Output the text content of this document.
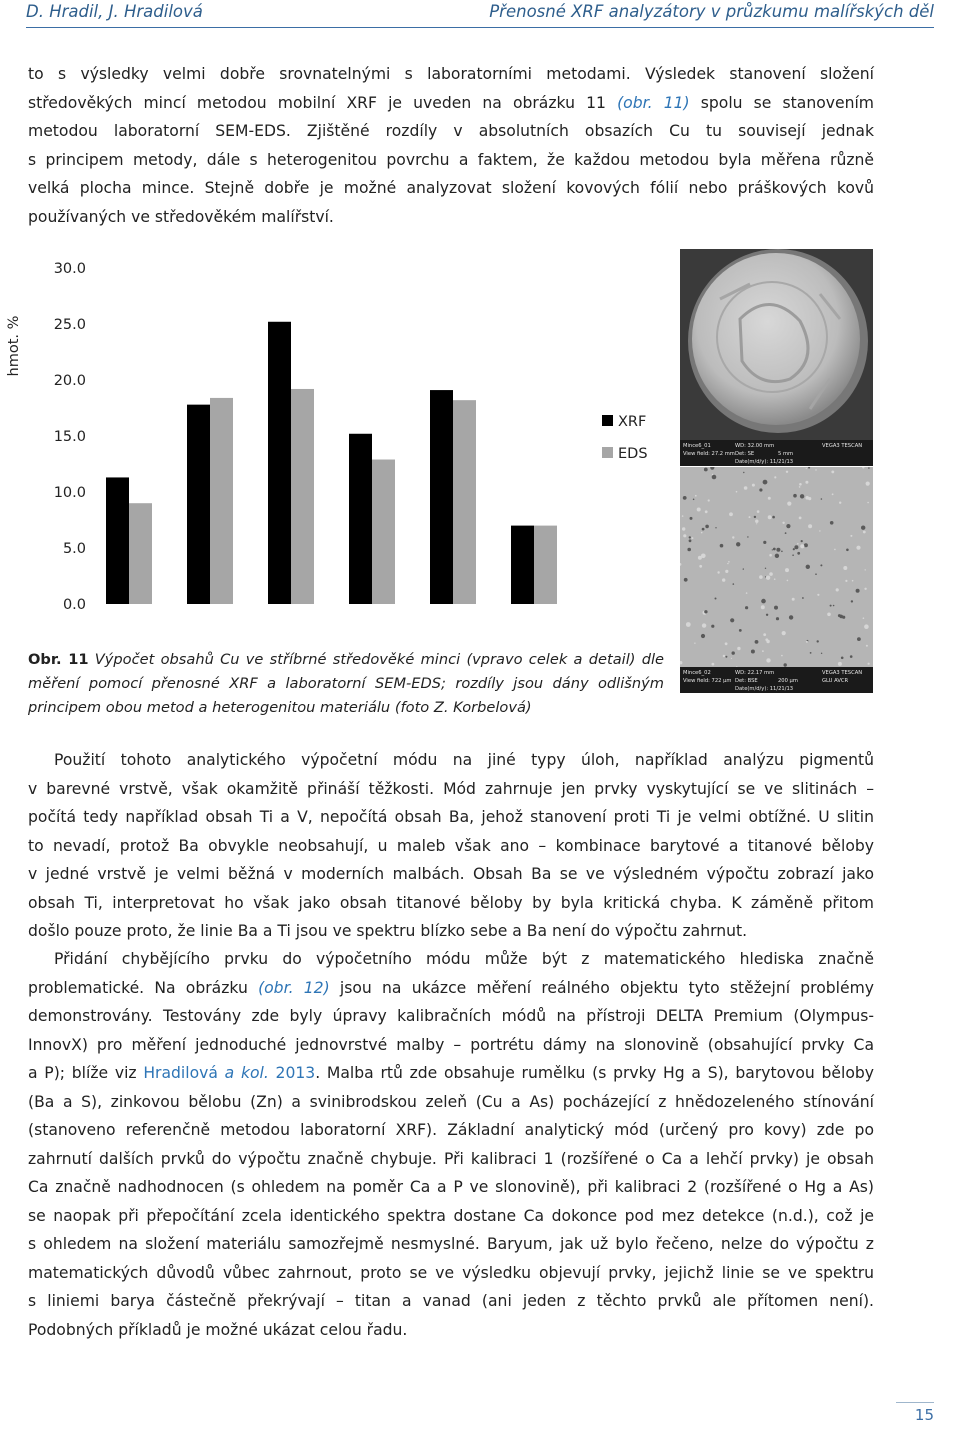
D. Hradil, J. Hradilová	Přenosné XRF analyzátory v průzkumu malířských děl
to s výsledky velmi dobře srovnatelnými s laboratorními metodami. Výsledek stanovení složení
středověkých mincí metodou mobilní XRF je uveden na obrázku 11 (obr. 11) spolu se stanovením
metodou laboratorní SEM-EDS. Zjištěné rozdíly v absolutních obsazích Cu tu souvisejí jednak
s principem metody, dále s heterogenitou povrchu a faktem, že každou metodou byla měřena různě
velká plocha mince. Stejně dobře je možné analyzovat složení kovových fólií nebo práškových kovů
používaných ve středověkém malířství.
hmot. %
0.0
5.0
10.0
15.0
20.0
25.0
30.0
XRF
EDS	Mince6_01
View field: 27.2 mm
WD: 32.00 mm
Det: SE	5 mm
VEGA3 TESCAN
Date(m/d/y): 11/21/13
Mince6_02
View field: 722 µm
WD: 22.17 mm
Det: BSE	200 µm
VEGA3 TESCAN
GLU AVCR
Date(m/d/y): 11/21/13
Obr. 11 Výpočet obsahů Cu ve stříbrné středověké minci (vpravo celek a detail) dle
měření pomocí přenosné XRF a laboratorní SEM-EDS; rozdíly jsou dány odlišným
principem obou metod a heterogenitou materiálu (foto Z. Korbelová)
Použití tohoto analytického výpočetní módu na jiné typy úloh, například analýzu pigmentů
v barevné vrstvě, však okamžitě přináší těžkosti. Mód zahrnuje jen prvky vyskytující se ve slitinách –
počítá tedy například obsah Ti a V, nepočítá obsah Ba, jehož stanovení proti Ti je velmi obtížné. U slitin
to nevadí, protož Ba obvykle neobsahují, u maleb však ano – kombinace barytové a titanové běloby
v jedné vrstvě je velmi běžná v moderních malbách. Obsah Ba se ve výsledném výpočtu zobrazí jako
obsah Ti, interpretovat ho však jako obsah titanové běloby by byla kritická chyba. K záměně přitom
došlo pouze proto, že linie Ba a Ti jsou ve spektru blízko sebe a Ba není do výpočtu zahrnut.
Přidání chybějícího prvku do výpočetního módu může být z matematického hlediska značně
problematické. Na obrázku (obr. 12) jsou na ukázce měření reálného objektu tyto stěžejní problémy
demonstrovány. Testovány zde byly úpravy kalibračních módů na přístroji DELTA Premium (Olympus-
InnovX) pro měření jednoduché jednovrstvé malby – portrétu dámy na slonovině (obsahující prvky Ca
a P); blíže viz Hradilová a kol. 2013. Malba rtů zde obsahuje rumělku (s prvky Hg a S), barytovou běloby
(Ba a S), zinkovou bělobu (Zn) a svinibrodskou zeleň (Cu a As) pocházející z hnědozeleného stínování
(stanoveno referenčně metodou laboratorní XRF). Základní analytický mód (určený pro kovy) zde po
zahrnutí dalších prvků do výpočtu značně chybuje. Při kalibraci 1 (rozšířené o Ca a lehčí prvky) je obsah
Ca značně nadhodnocen (s ohledem na poměr Ca a P ve slonovině), při kalibraci 2 (rozšířené o Hg a As)
se naopak při přepočítání zcela identického spektra dostane Ca dokonce pod mez detekce (n.d.), což je
s ohledem na složení materiálu samozřejmě nesmyslné. Baryum, jak už bylo řečeno, nelze do výpočtu z
matematických důvodů vůbec zahrnout, proto se ve výsledku objevují prvky, jejichž linie se ve spektru
s liniemi barya částečně překrývají – titan a vanad (ani jeden z těchto prvků ale přítomen není).
Podobných příkladů je možné ukázat celou řadu.
15
